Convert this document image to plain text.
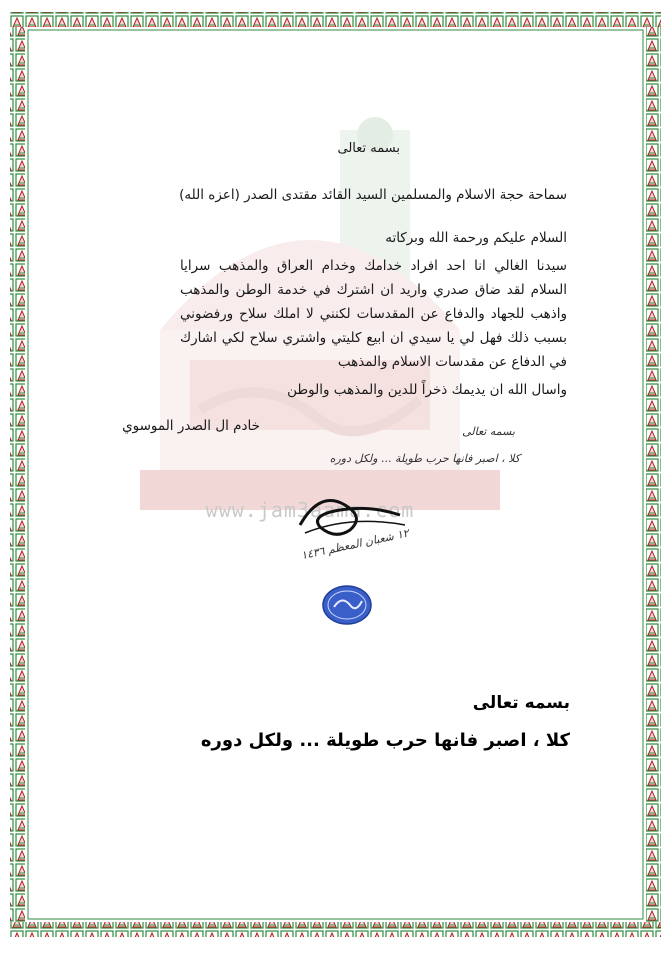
www.jam3aama.com
بسمه تعالى
سماحة حجة الاسلام والمسلمين السيد القائد مقتدى الصدر (اعزه الله)
السلام عليكم ورحمة الله وبركاته
سيدنا الغالي انا احد افراد خدامك وخدام العراق والمذهب سرايا السلام لقد ضاق صدري واريد ان اشترك في خدمة الوطن والمذهب واذهب للجهاد والدفاع عن المقدسات لكنني لا املك سلاح ورفضوني بسبب ذلك فهل لي يا سيدي ان ابيع كليتي واشتري سلاح لكي اشارك في الدفاع عن مقدسات الاسلام والمذهب
واسال الله ان يديمك ذخراً للدين والمذهب والوطن
خادم ال الصدر الموسوي	بسمه تعالى
كلا ، اصبر فانها حرب طويلة ... ولكل دوره
١٢ شعبان المعظم ١٤٣٦
بسمه تعالى
كلا ، اصبر فانها حرب طويلة ... ولكل دوره
